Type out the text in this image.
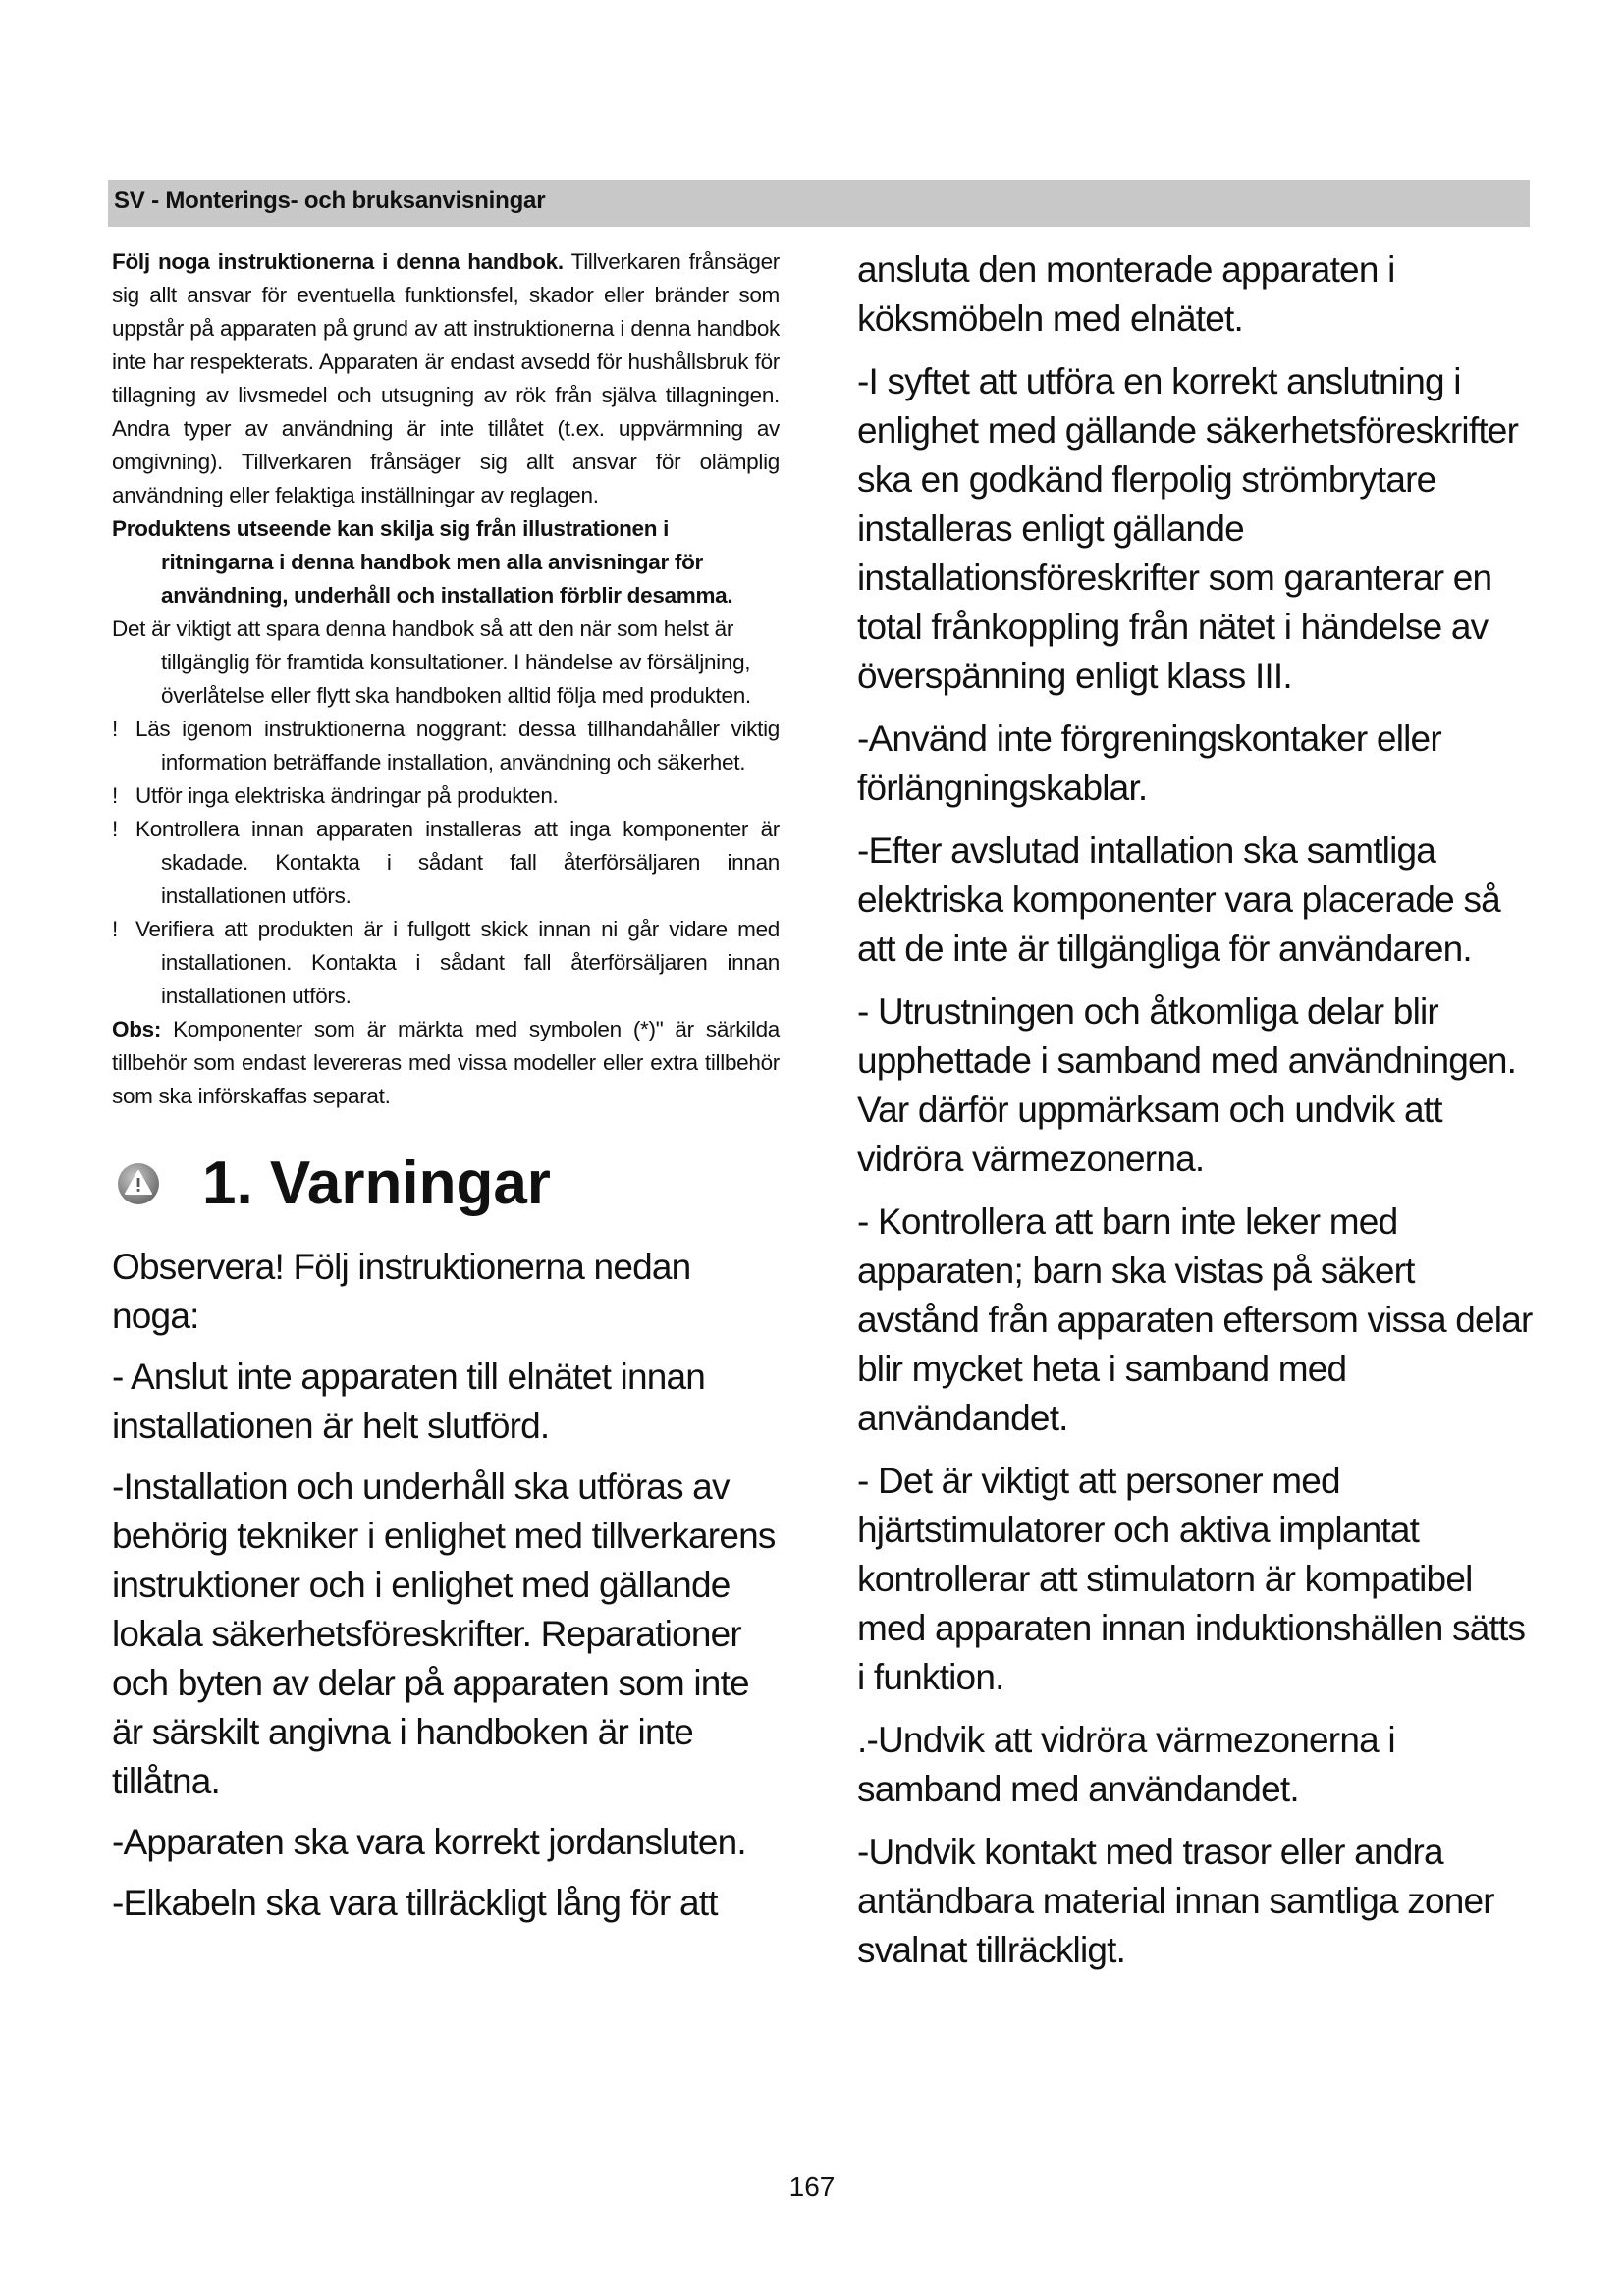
SV - Monterings- och bruksanvisningar

Följ noga instruktionerna i denna handbok. Tillverkaren frånsäger sig allt ansvar för eventuella funktionsfel, skador eller bränder som uppstår på apparaten på grund av att instruktionerna i denna handbok inte har respekterats. Apparaten är endast avsedd för hushållsbruk för tillagning av livsmedel och utsugning av rök från själva tillagningen. Andra typer av användning är inte tillåtet (t.ex. uppvärmning av omgivning). Tillverkaren frånsäger sig allt ansvar för olämplig användning eller felaktiga inställningar av reglagen.

Produktens utseende kan skilja sig från illustrationen i ritningarna i denna handbok men alla anvisningar för användning, underhåll och installation förblir desamma.

Det är viktigt att spara denna handbok så att den när som helst är tillgänglig för framtida konsultationer. I händelse av försäljning, överlåtelse eller flytt ska handboken alltid följa med produkten.

! Läs igenom instruktionerna noggrant: dessa tillhandahåller viktig information beträffande installation, användning och säkerhet.

! Utför inga elektriska ändringar på produkten.

! Kontrollera innan apparaten installeras att inga komponenter är skadade. Kontakta i sådant fall återförsäljaren innan installationen utförs.

! Verifiera att produkten är i fullgott skick innan ni går vidare med installationen. Kontakta i sådant fall återförsäljaren innan installationen utförs.

Obs: Komponenter som är märkta med symbolen (*)" är särkilda tillbehör som endast levereras med vissa modeller eller extra tillbehör som ska införskaffas separat.

1. Varningar

Observera! Följ instruktionerna nedan noga:

- Anslut inte apparaten till elnätet innan installationen är helt slutförd.

-Installation och underhåll ska utföras av behörig tekniker i enlighet med tillverkarens instruktioner och i enlighet med gällande lokala säkerhetsföreskrifter. Reparationer och byten av delar på apparaten som inte är särskilt angivna i handboken är inte tillåtna.

-Apparaten ska vara korrekt jordansluten.

-Elkabeln ska vara tillräckligt lång för att

ansluta den monterade apparaten i köksmöbeln med elnätet.

-I syftet att utföra en korrekt anslutning i enlighet med gällande säkerhetsföreskrifter ska en godkänd flerpolig strömbrytare installeras enligt gällande installationsföreskrifter som garanterar en total frånkoppling från nätet i händelse av överspänning enligt klass III.

-Använd inte förgreningskontaker eller förlängningskablar.

-Efter avslutad intallation ska samtliga elektriska komponenter vara placerade så att de inte är tillgängliga för användaren.

- Utrustningen och åtkomliga delar blir upphettade i samband med användningen. Var därför uppmärksam och undvik att vidröra värmezonerna.

- Kontrollera att barn inte leker med apparaten; barn ska vistas på säkert avstånd från apparaten eftersom vissa delar blir mycket heta i samband med användandet.

- Det är viktigt att personer med hjärtstimulatorer och aktiva implantat kontrollerar att stimulatorn är kompatibel med apparaten innan induktionshällen sätts i funktion.

.-Undvik att vidröra värmezonerna i samband med användandet.

-Undvik kontakt med trasor eller andra antändbara material innan samtliga zoner svalnat tillräckligt.

167
